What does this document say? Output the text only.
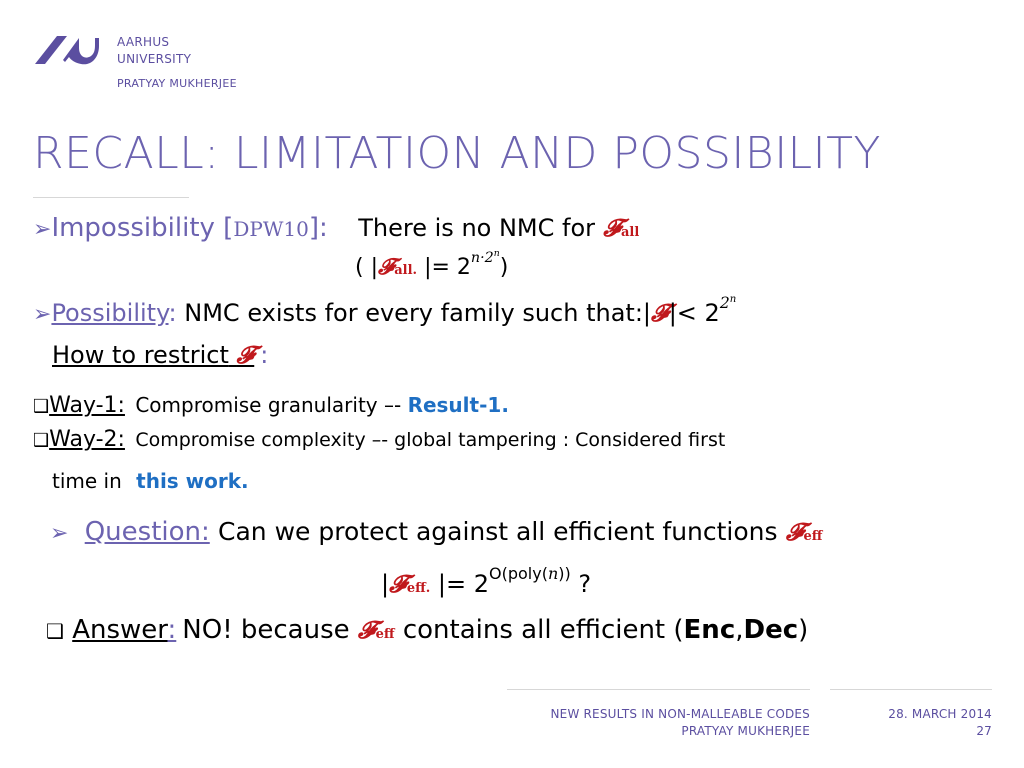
AARHUS
UNIVERSITY
PRATYAY MUKHERJEE
RECALL: LIMITATION AND POSSIBILITY
➢Impossibility [DPW10]: There is no NMC for 𝓕all
( |𝓕all. |= $2^{n\cdot 2^n}$)
➢Possibility: NMC exists for every family such that:|𝓕|< $2^{2^n}$
How to restrict 𝓕 :
❑Way-1: Compromise granularity –- Result-1.
❑Way-2: Compromise complexity –- global tampering : Considered first
time in this work.
➢ Question: Can we protect against all efficient functions 𝓕eff
|𝓕eff. |= $2^{O(poly(n))}$ ?
❑ Answer: NO! because 𝓕eff contains all efficient (Enc,Dec)
NEW RESULTS IN NON-MALLEABLE CODES
PRATYAY MUKHERJEE
28. MARCH 2014
27
